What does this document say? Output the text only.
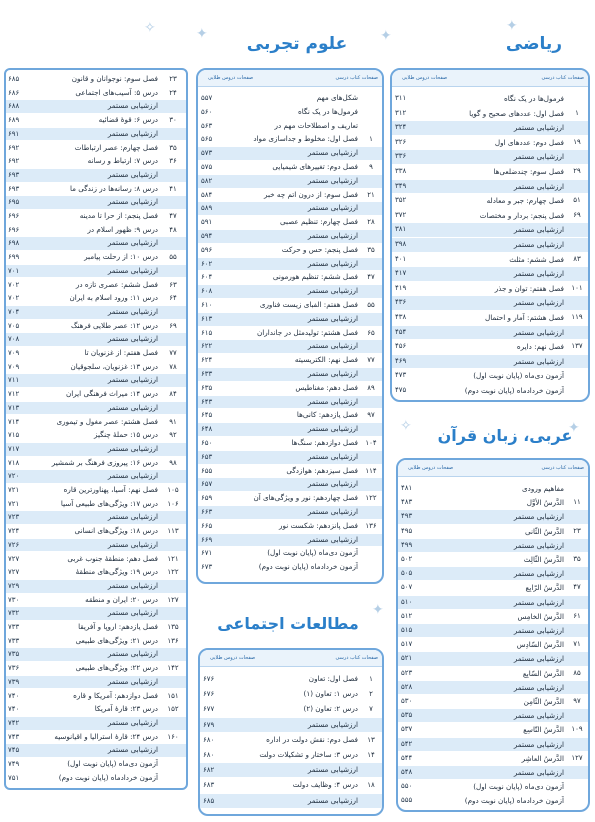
✦
✦
✧	✦
✧	✦
✦
ریاضی
صفحات کتاب درسی
صفحات دروس طلایی
فرمول‌ها در یک نگاه
۳۱۱
۱
فصل اول: عددهای صحیح و گویا
۳۱۲
ارزشیابی مستمر
۳۲۴
۱۹
فصل دوم: عددهای اول
۳۲۶
ارزشیابی مستمر
۳۳۶
۲۹
فصل سوم: چندضلعی‌ها
۳۳۸
ارزشیابی مستمر
۳۴۹
۵۱
فصل چهارم: جبر و معادله
۳۵۲
۶۹
فصل پنجم: بردار و مختصات
۳۷۲
ارزشیابی مستمر
۳۸۱
ارزشیابی مستمر
۳۹۸
۸۳
فصل ششم: مثلث
۴۰۱
ارزشیابی مستمر
۴۱۷
۱۰۱
فصل هفتم: توان و جذر
۴۱۹
ارزشیابی مستمر
۴۳۶
۱۱۹
فصل هشتم: آمار و احتمال
۴۳۸
ارزشیابی مستمر
۴۵۴
۱۳۷
فصل نهم: دایره
۴۵۶
ارزشیابی مستمر
۴۶۹
آزمون دی‌ماه (پایان نوبت اول)
۴۷۳
آزمون خردادماه (پایان نوبت دوم)
۴۷۵
علوم تجربی
صفحات کتاب درسی
صفحات دروس طلایی
شکل‌های مهم
۵۵۷
فرمول‌ها در یک نگاه
۵۶۰
تعاریف و اصطلاحات مهم در
۵۶۳
۱
فصل اول: مخلوط و جداسازی مواد
۵۶۵
ارزشیابی مستمر
۵۷۳
۹
فصل دوم: تغییرهای شیمیایی
۵۷۵
ارزشیابی مستمر
۵۸۲
۲۱
فصل سوم: از درون اتم چه خبر
۵۸۴
ارزشیابی مستمر
۵۸۹
۲۸
فصل چهارم: تنظیم عصبی
۵۹۱
ارزشیابی مستمر
۵۹۴
۳۵
فصل پنجم: حس و حرکت
۵۹۶
ارزشیابی مستمر
۶۰۲
۴۷
فصل ششم: تنظیم هورمونی
۶۰۴
ارزشیابی مستمر
۶۰۸
۵۵
فصل هفتم: الفبای زیست فناوری
۶۱۰
ارزشیابی مستمر
۶۱۳
۶۵
فصل هشتم: تولیدمثل در جانداران
۶۱۵
ارزشیابی مستمر
۶۲۲
۷۷
فصل نهم: الکتریسیته
۶۲۴
ارزشیابی مستمر
۶۳۳
۸۹
فصل دهم: مغناطیس
۶۳۵
ارزشیابی مستمر
۶۴۳
۹۷
فصل یازدهم: کانی‌ها
۶۴۵
ارزشیابی مستمر
۶۴۸
۱۰۴
فصل دوازدهم: سنگ‌ها
۶۵۰
ارزشیابی مستمر
۶۵۳
۱۱۴
فصل سیزدهم: هوازدگی
۶۵۵
ارزشیابی مستمر
۶۵۷
۱۲۲
فصل چهاردهم: نور و ویژگی‌های آن
۶۵۹
ارزشیابی مستمر
۶۶۳
۱۳۶
فصل پانزدهم: شکست نور
۶۶۵
ارزشیابی مستمر
۶۶۹
آزمون دی‌ماه (پایان نوبت اول)
۶۷۱
آزمون خردادماه (پایان نوبت دوم)
۶۷۳
عربی، زبان قرآن
صفحات کتاب درسی
صفحات دروس طلایی
مفاهیم ورودی
۴۸۱
۱۱
الدَّرسُ الأوَّل
۴۸۳
ارزشیابی مستمر
۴۹۳
۲۳
الدَّرسُ الثّانی
۴۹۵
ارزشیابی مستمر
۴۹۹
۳۵
الدَّرسُ الثّالِث
۵۰۲
ارزشیابی مستمر
۵۰۵
۴۷
الدَّرسُ الرّابِع
۵۰۷
ارزشیابی مستمر
۵۱۰
۶۱
الدَّرسُ الخامِس
۵۱۲
ارزشیابی مستمر
۵۱۵
۷۱
الدَّرسُ السّادِس
۵۱۷
ارزشیابی مستمر
۵۲۱
۸۵
الدَّرسُ السّابِع
۵۲۳
ارزشیابی مستمر
۵۲۸
۹۷
الدَّرسُ الثّامِن
۵۳۰
ارزشیابی مستمر
۵۳۵
۱۰۹
الدَّرسُ التّاسِع
۵۳۷
ارزشیابی مستمر
۵۴۲
۱۲۷
الدَّرسُ العاشِر
۵۴۴
ارزشیابی مستمر
۵۴۸
آزمون دی‌ماه (پایان نوبت اول)
۵۵۰
آزمون خردادماه (پایان نوبت دوم)
۵۵۵
مطالعات اجتماعی
صفحات کتاب درسی
صفحات دروس طلایی
۱
فصل اول: تعاون
۶۷۶
۲
درس ۱: تعاون (۱)
۶۷۶
۷
درس ۲: تعاون (۲)
۶۷۷
ارزشیابی مستمر
۶۷۹
۱۳
فصل دوم: نقش دولت در اداره
۶۸۰
۱۴
درس ۳: ساختار و تشکیلات دولت
۶۸۰
ارزشیابی مستمر
۶۸۲
۱۸
درس ۴: وظایف دولت
۶۸۳
ارزشیابی مستمر
۶۸۵
۲۳
فصل سوم: نوجوانان و قانون
۶۸۵
۲۴
درس ۵: آسیب‌های اجتماعی
۶۸۶
ارزشیابی مستمر
۶۸۸
۳۰
درس ۶: قوهٔ قضائیه
۶۸۹
ارزشیابی مستمر
۶۹۱
۳۵
فصل چهارم: عصر ارتباطات
۶۹۲
۳۶
درس ۷: ارتباط و رسانه
۶۹۲
ارزشیابی مستمر
۶۹۳
۴۱
درس ۸: رسانه‌ها در زندگی ما
۶۹۳
ارزشیابی مستمر
۶۹۵
۴۷
فصل پنجم: از حرا تا مدینه
۶۹۶
۴۸
درس ۹: ظهور اسلام در
۶۹۶
ارزشیابی مستمر
۶۹۸
۵۵
درس ۱۰: از رحلت پیامبر
۶۹۹
ارزشیابی مستمر
۷۰۱
۶۳
فصل ششم: عصری تازه در
۷۰۲
۶۴
درس ۱۱: ورود اسلام به ایران
۷۰۲
ارزشیابی مستمر
۷۰۴
۶۹
درس ۱۲: عصر طلایی فرهنگ
۷۰۵
ارزشیابی مستمر
۷۰۸
۷۷
فصل هفتم: از غزنویان تا
۷۰۹
۷۸
درس ۱۳: غزنویان، سلجوقیان
۷۰۹
ارزشیابی مستمر
۷۱۱
۸۴
درس ۱۴: میراث فرهنگی ایران
۷۱۲
ارزشیابی مستمر
۷۱۳
۹۱
فصل هشتم: عصر مغول و تیموری
۷۱۴
۹۲
درس ۱۵: حملهٔ چنگیز
۷۱۵
ارزشیابی مستمر
۷۱۷
۹۸
درس ۱۶: پیروزی فرهنگ بر شمشیر
۷۱۸
ارزشیابی مستمر
۷۲۰
۱۰۵
فصل نهم: آسیا، پهناورترین قاره
۷۲۱
۱۰۶
درس ۱۷: ویژگی‌های طبیعی آسیا
۷۲۱
ارزشیابی مستمر
۷۲۳
۱۱۳
درس ۱۸: ویژگی‌های انسانی
۷۲۴
ارزشیابی مستمر
۷۲۶
۱۲۱
فصل دهم: منطقهٔ جنوب غربی
۷۲۷
۱۲۲
درس ۱۹: ویژگی‌های منطقهٔ
۷۲۷
ارزشیابی مستمر
۷۲۹
۱۲۷
درس ۲۰: ایران و منطقه
۷۳۰
ارزشیابی مستمر
۷۳۲
۱۳۵
فصل یازدهم: اروپا و آفریقا
۷۳۳
۱۳۶
درس ۲۱: ویژگی‌های طبیعی
۷۳۳
ارزشیابی مستمر
۷۳۵
۱۴۲
درس ۲۲: ویژگی‌های طبیعی
۷۳۶
ارزشیابی مستمر
۷۳۹
۱۵۱
فصل دوازدهم: آمریکا و قاره
۷۴۰
۱۵۲
درس ۲۳: قارهٔ آمریکا
۷۴۰
ارزشیابی مستمر
۷۴۲
۱۶۰
درس ۲۴: قارهٔ استرالیا و اقیانوسیه
۷۴۳
ارزشیابی مستمر
۷۴۵
آزمون دی‌ماه (پایان نوبت اول)
۷۴۹
آزمون خردادماه (پایان نوبت دوم)
۷۵۱
